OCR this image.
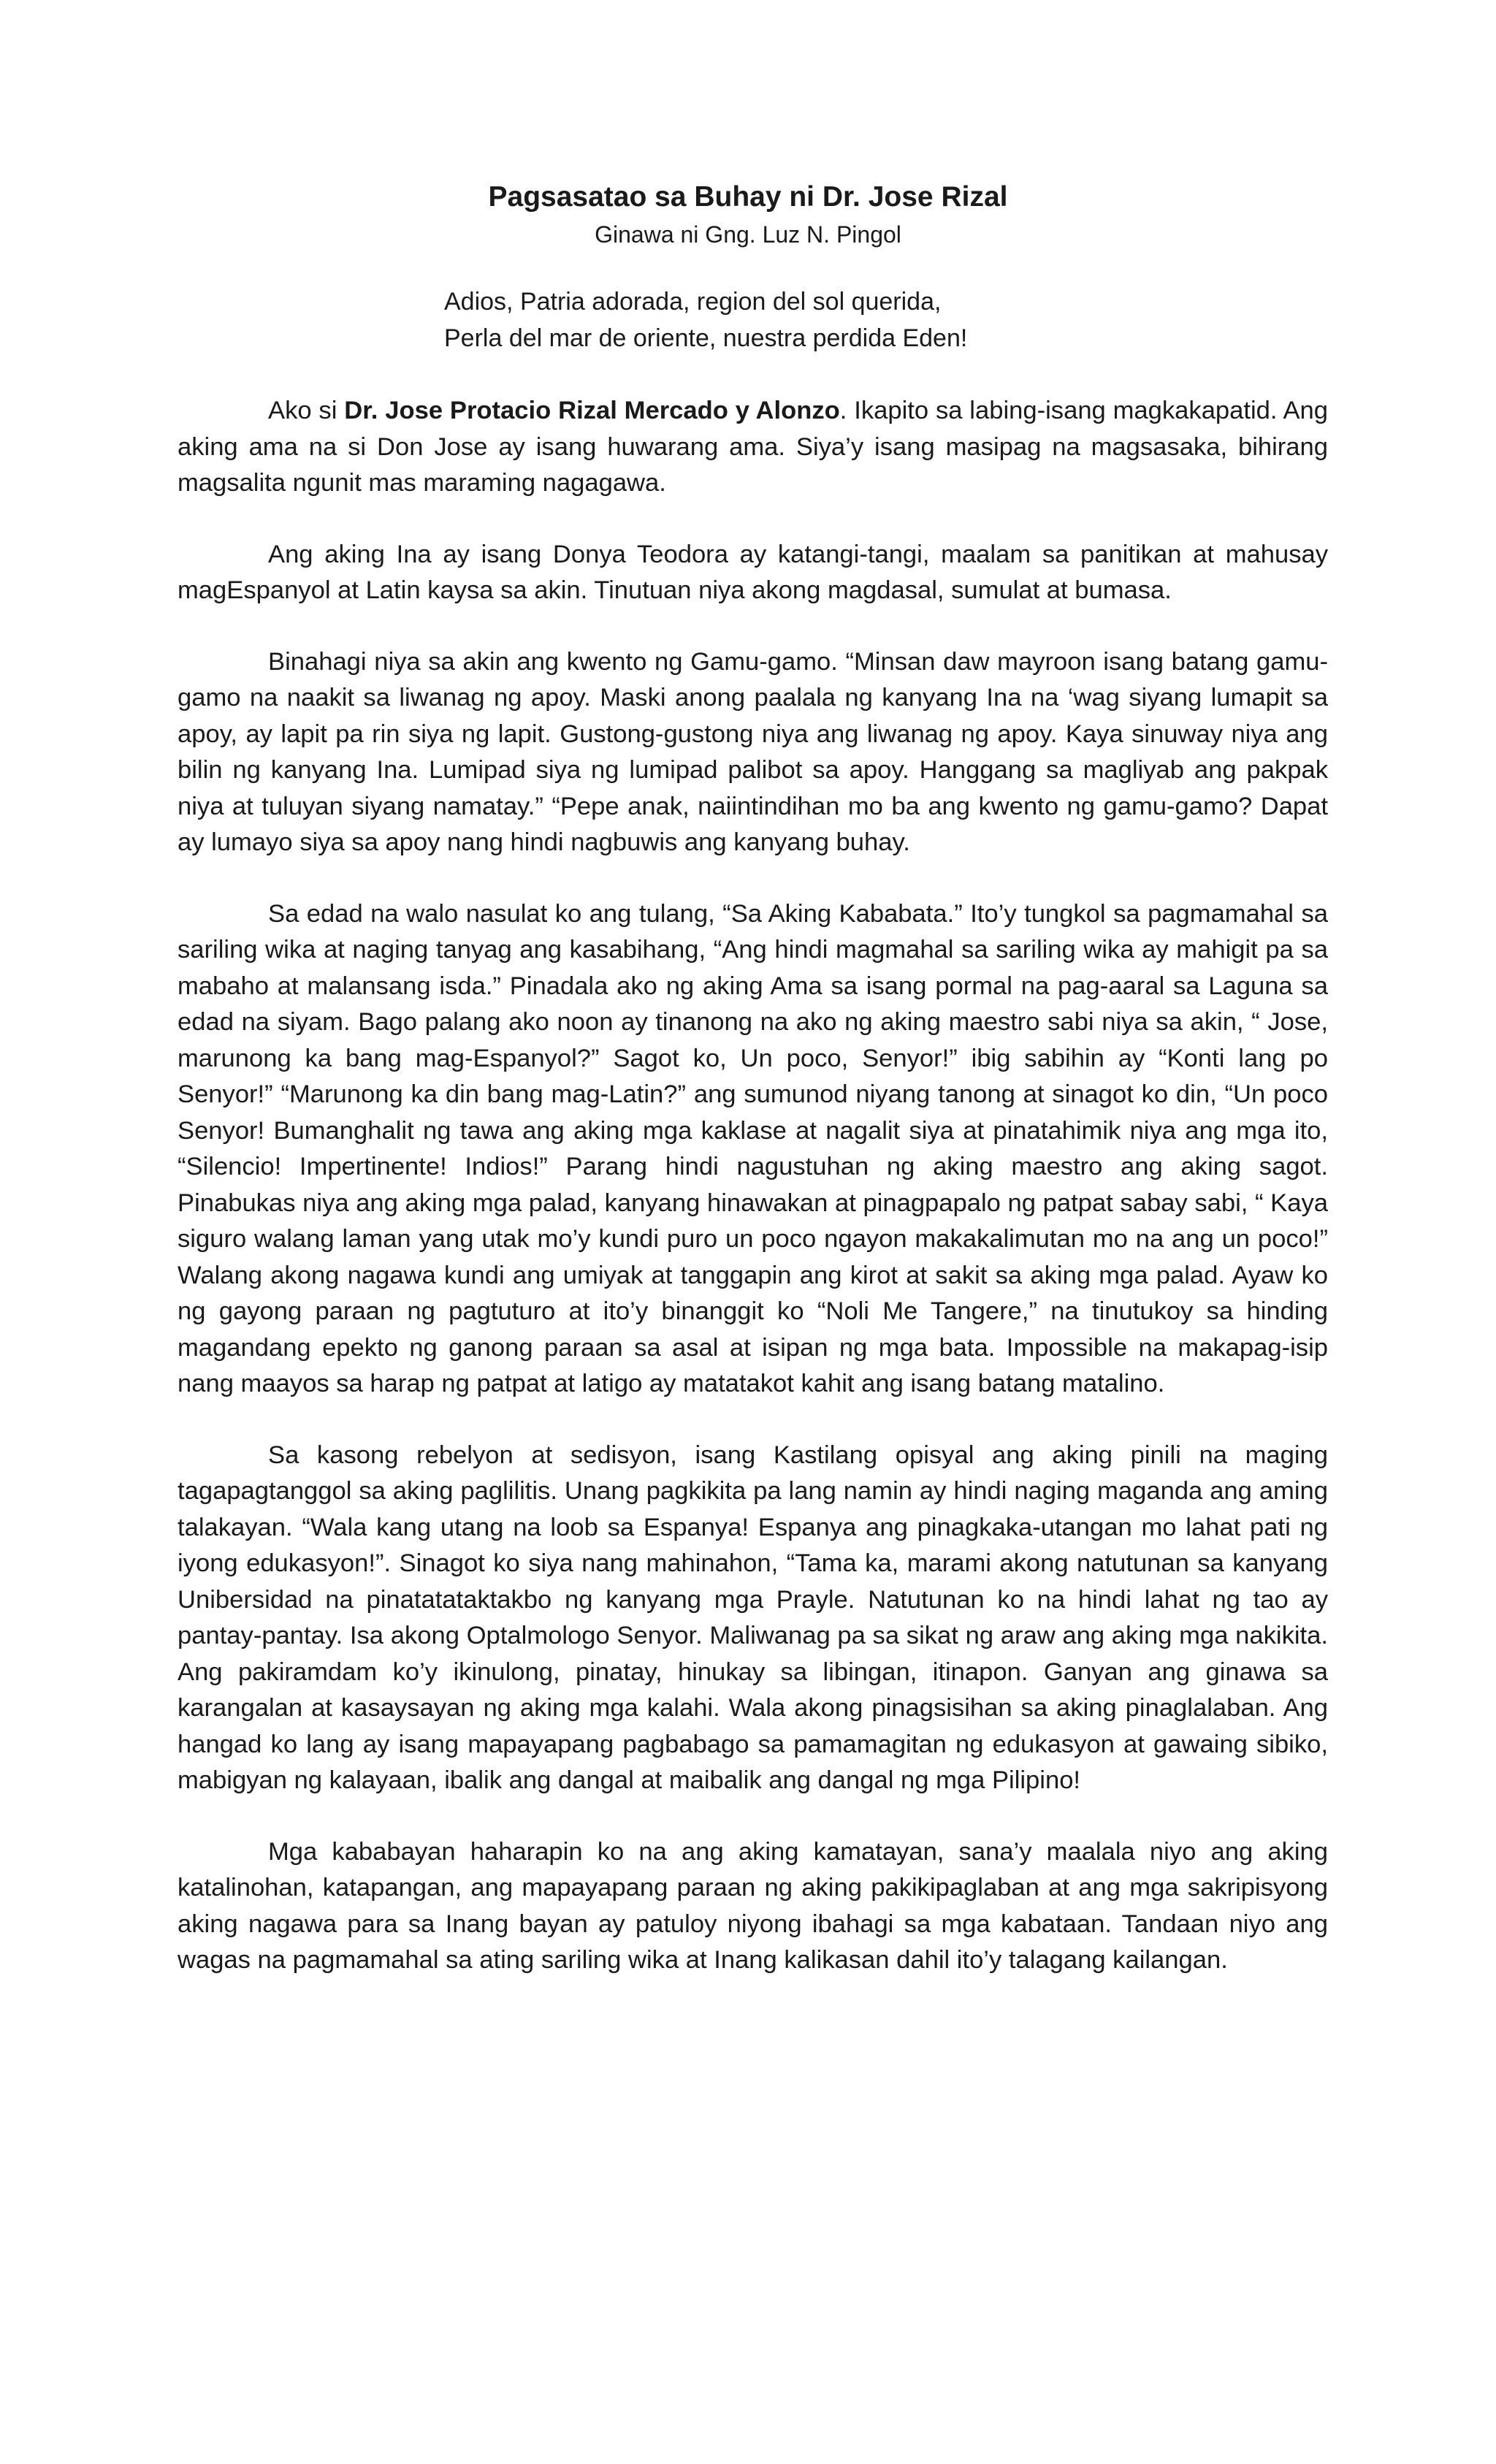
Pagsasatao sa Buhay ni Dr. Jose Rizal

Ginawa ni Gng. Luz N. Pingol

Adios, Patria adorada, region del sol querida,
Perla del mar de oriente, nuestra perdida Eden!

Ako si Dr. Jose Protacio Rizal Mercado y Alonzo. Ikapito sa labing-isang magkakapatid. Ang aking ama na si Don Jose ay isang huwarang ama. Siya’y isang masipag na magsasaka, bihirang magsalita ngunit mas maraming nagagawa.

Ang aking Ina ay isang Donya Teodora ay katangi-tangi, maalam sa panitikan at mahusay magEspanyol at Latin kaysa sa akin. Tinutuan niya akong magdasal, sumulat at bumasa.

Binahagi niya sa akin ang kwento ng Gamu-gamo. “Minsan daw mayroon isang batang gamu-gamo na naakit sa liwanag ng apoy. Maski anong paalala ng kanyang Ina na ‘wag siyang lumapit sa apoy, ay lapit pa rin siya ng lapit. Gustong-gustong niya ang liwanag ng apoy. Kaya sinuway niya ang bilin ng kanyang Ina. Lumipad siya ng lumipad palibot sa apoy. Hanggang sa magliyab ang pakpak niya at tuluyan siyang namatay.” “Pepe anak, naiintindihan mo ba ang kwento ng gamu-gamo? Dapat ay lumayo siya sa apoy nang hindi nagbuwis ang kanyang buhay.

Sa edad na walo nasulat ko ang tulang, “Sa Aking Kababata.” Ito’y tungkol sa pagmamahal sa sariling wika at naging tanyag ang kasabihang, “Ang hindi magmahal sa sariling wika ay mahigit pa sa mabaho at malansang isda.” Pinadala ako ng aking Ama sa isang pormal na pag-aaral sa Laguna sa edad na siyam. Bago palang ako noon ay tinanong na ako ng aking maestro sabi niya sa akin, “ Jose, marunong ka bang mag-Espanyol?” Sagot ko, Un poco, Senyor!” ibig sabihin ay “Konti lang po Senyor!” “Marunong ka din bang mag-Latin?” ang sumunod niyang tanong at sinagot ko din, “Un poco Senyor! Bumanghalit ng tawa ang aking mga kaklase at nagalit siya at pinatahimik niya ang mga ito, “Silencio! Impertinente! Indios!” Parang hindi nagustuhan ng aking maestro ang aking sagot. Pinabukas niya ang aking mga palad, kanyang hinawakan at pinagpapalo ng patpat sabay sabi, “ Kaya siguro walang laman yang utak mo’y kundi puro un poco ngayon makakalimutan mo na ang un poco!” Walang akong nagawa kundi ang umiyak at tanggapin ang kirot at sakit sa aking mga palad. Ayaw ko ng gayong paraan ng pagtuturo at ito’y binanggit ko “Noli Me Tangere,” na tinutukoy sa hinding magandang epekto ng ganong paraan sa asal at isipan ng mga bata. Impossible na makapag-isip nang maayos sa harap ng patpat at latigo ay matatakot kahit ang isang batang matalino.

Sa kasong rebelyon at sedisyon, isang Kastilang opisyal ang aking pinili na maging tagapagtanggol sa aking paglilitis. Unang pagkikita pa lang namin ay hindi naging maganda ang aming talakayan. “Wala kang utang na loob sa Espanya! Espanya ang pinagkaka-utangan mo lahat pati ng iyong edukasyon!”. Sinagot ko siya nang mahinahon, “Tama ka, marami akong natutunan sa kanyang Unibersidad na pinatatataktakbo ng kanyang mga Prayle. Natutunan ko na hindi lahat ng tao ay pantay-pantay. Isa akong Optalmologo Senyor. Maliwanag pa sa sikat ng araw ang aking mga nakikita. Ang pakiramdam ko’y ikinulong, pinatay, hinukay sa libingan, itinapon. Ganyan ang ginawa sa karangalan at kasaysayan ng aking mga kalahi. Wala akong pinagsisihan sa aking pinaglalaban. Ang hangad ko lang ay isang mapayapang pagbabago sa pamamagitan ng edukasyon at gawaing sibiko, mabigyan ng kalayaan, ibalik ang dangal at maibalik ang dangal ng mga Pilipino!

Mga kababayan haharapin ko na ang aking kamatayan, sana’y maalala niyo ang aking katalinohan, katapangan, ang mapayapang paraan ng aking pakikipaglaban at ang mga sakripisyong aking nagawa para sa Inang bayan ay patuloy niyong ibahagi sa mga kabataan. Tandaan niyo ang wagas na pagmamahal sa ating sariling wika at Inang kalikasan dahil ito’y talagang kailangan.
